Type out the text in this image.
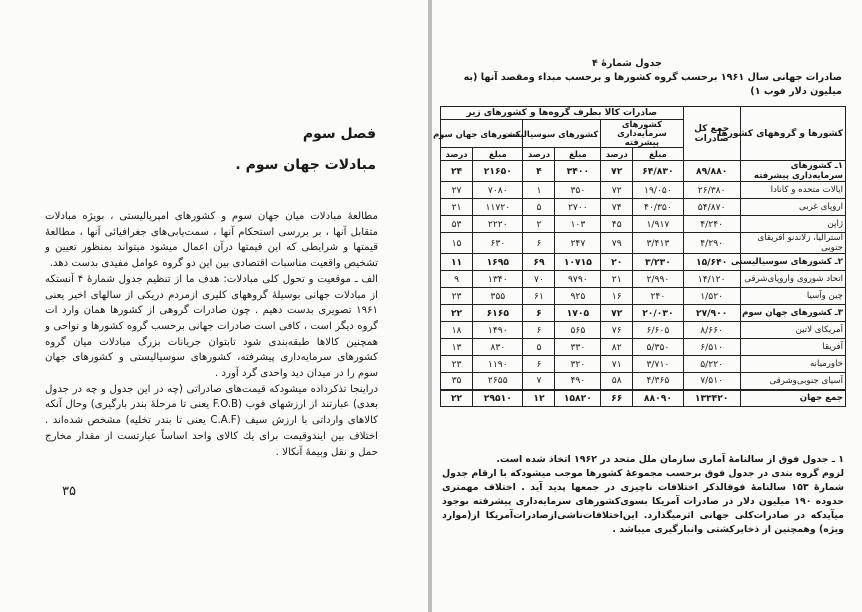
فصل سوم
مبادلات جهان سوم .

مطالعهٔ مبادلات میان جهان سوم و کشورهای امپریالیستی ، بویژه مبادلات متقابل آنها ، بر بررسی استحکام آنها ، سمت‌یابی‌های جغرافیائی آنها ، مطالعهٔ قیمتها و شرایطی که این قیمتها درآن اعمال میشود میتواند بمنظور تعیین و تشخیص واقعیت مناسبات اقتصادی بین این دو گروه عوامل مفیدی بدست دهد.

الف ـ موقعیت و تحول کلی مبادلات: هدف ما از تنظیم جدول شمارهٔ ۴ آنستکه از مبادلات جهانی بوسیلهٔ گروههای کلیری ازمردم دریکی از سالهای اخیر یعنی ۱۹۶۱ تصویری بدست دهیم . چون صادرات گروهی از کشورها همان وارد ات گروه دیگر است ، کافی است صادرات جهانی برحسب گروه کشورها و نواحی و همچنین کالاها طبقه‌بندی شود تابتوان جریانات بزرگ مبادلات میان گروه کشورهای سرمایه‌داری پیشرفته، کشورهای سوسیالیستی و کشورهای جهان سوم را در میدان دید واحدی گرد آورد .

دراینجا تذکرداده میشودکه قیمت‌های صادراتی (چه در این جدول و چه در جدول بعدی) عبارتند از ارزشهای فوب (F.O.B یعنی تا مرحلهٔ بندر بارگیری) وحال آنکه کالاهای وارداتی با ارزش سیف (C.A.F یعنی تا بندر تخلیه) مشخص شده‌اند . اختلاف بین ایندوقیمت برای یك كالای واحد اساساً عبارتست از مقدار مخارج حمل و نقل وبیمهٔ آنكالا .

۳۵
جدول شمارهٔ ۴
صادرات جهانی سال ۱۹۶۱ برحسب گروه کشورها و برحسب مبداء ومقصد آنها (به میلیون دلار فوب ۱)
کشورها و گروههای کشورها	جمع کل صادرات	صادرات کالا بطرف گروه‌ها و کشورهای زیر					
		کشورهای سرمایه‌داری پیشرفته		کشورهای سوسیالیست		کشورهای جهان سوم	
		مبلغ	درصد	مبلغ	درصد	مبلغ	درصد
۱ـ کشورهای سرمایه‌داری پیشرفته	۸۹/۸۸۰	۶۴/۸۳۰	۷۲	۳۴۰۰	۴	۲۱۶۵۰	۲۴
ایالات متحده و کانادا	۲۶/۳۸۰	۱۹/۰۵۰	۷۲	۳۵۰	۱	۷۰۸۰	۲۷
اروپای غربی	۵۴/۸۷۰	۴۰/۳۵۰	۷۴	۲۷۰۰	۵	۱۱۷۲۰	۲۱
ژاپن	۴/۲۴۰	۱/۹۱۷	۴۵	۱۰۳	۲	۲۲۲۰	۵۳
استرالیا، زلاندنو افریقای جنوبی	۴/۲۹۰	۳/۴۱۳	۷۹	۲۴۷	۶	۶۳۰	۱۵
۲ـ کشورهای سوسیالیستی	۱۵/۶۴۰	۳/۲۳۰	۲۰	۱۰۷۱۵	۶۹	۱۶۹۵	۱۱
اتحاد شوروی واروپای‌شرقی	۱۴/۱۲۰	۲/۹۹۰	۲۱	۹۷۹۰	۷۰	۱۳۴۰	۹
چین وآسیا	۱/۵۲۰	۲۴۰	۱۶	۹۲۵	۶۱	۳۵۵	۲۳
۳ـ کشورهای جهان سوم	۲۷/۹۰۰	۲۰/۰۳۰	۷۲	۱۷۰۵	۶	۶۱۶۵	۲۲
آمریکای لاتین	۸/۶۶۰	۶/۶۰۵	۷۶	۵۶۵	۶	۱۴۹۰	۱۸
آفریقا	۶/۵۱۰	۵/۳۵۰	۸۲	۳۳۰	۵	۸۳۰	۱۳
خاورمیانه	۵/۲۲۰	۳/۷۱۰	۷۱	۳۲۰	۶	۱۱۹۰	۲۳
آسیای جنوبی‌وشرقی	۷/۵۱۰	۴/۳۶۵	۵۸	۴۹۰	۷	۲۶۵۵	۳۵
جمع جهان	۱۳۳۴۲۰	۸۸۰۹۰	۶۶	۱۵۸۲۰	۱۲	۲۹۵۱۰	۲۲

۱ ـ جدول فوق از سالنامهٔ آماری سازمان ملل متحد در ۱۹۶۲ اتخاذ شده است.

لزوم گروه بندی در جدول فوق برحسب مجموعهٔ کشورها موجب میشودکه با ارقام جدول شمارهٔ ۱۵۳ سالنامهٔ فوقالذکر اختلافات ناچیزی در جمعها پدید آید . اختلاف مهمتری حدوده ۱۹۰ میلیون دلار در صادرات آمریکا بسوی‌کشورهای سرمایه‌داری پیشرفته بوجود میآیدکه در صادرات‌کلی جهانی اثرمیگذارد. این‌اختلافات‌ناشی‌ازصادرات‌آمریکا از(موارد ویژه) وهمچنین از ذخایرکشتی وانبارگیری میباشد .
